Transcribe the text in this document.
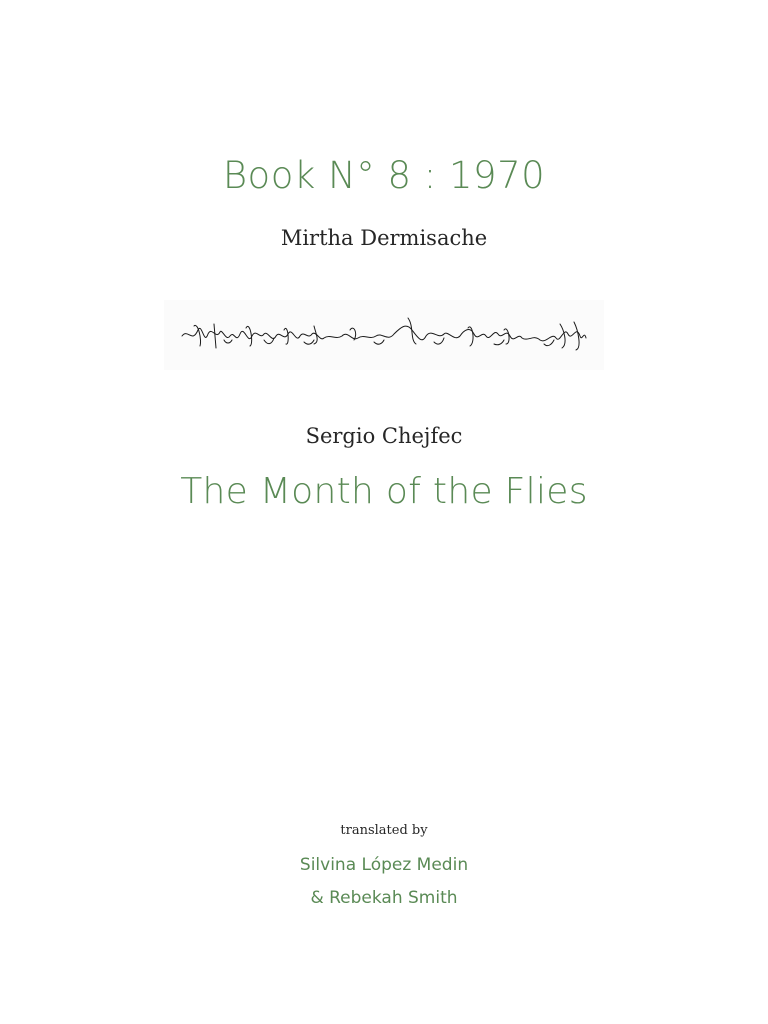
Book N° 8 : 1970
Mirtha Dermisache
Sergio Chejfec
The Month of the Flies
translated by
Silvina López Medin
& Rebekah Smith
